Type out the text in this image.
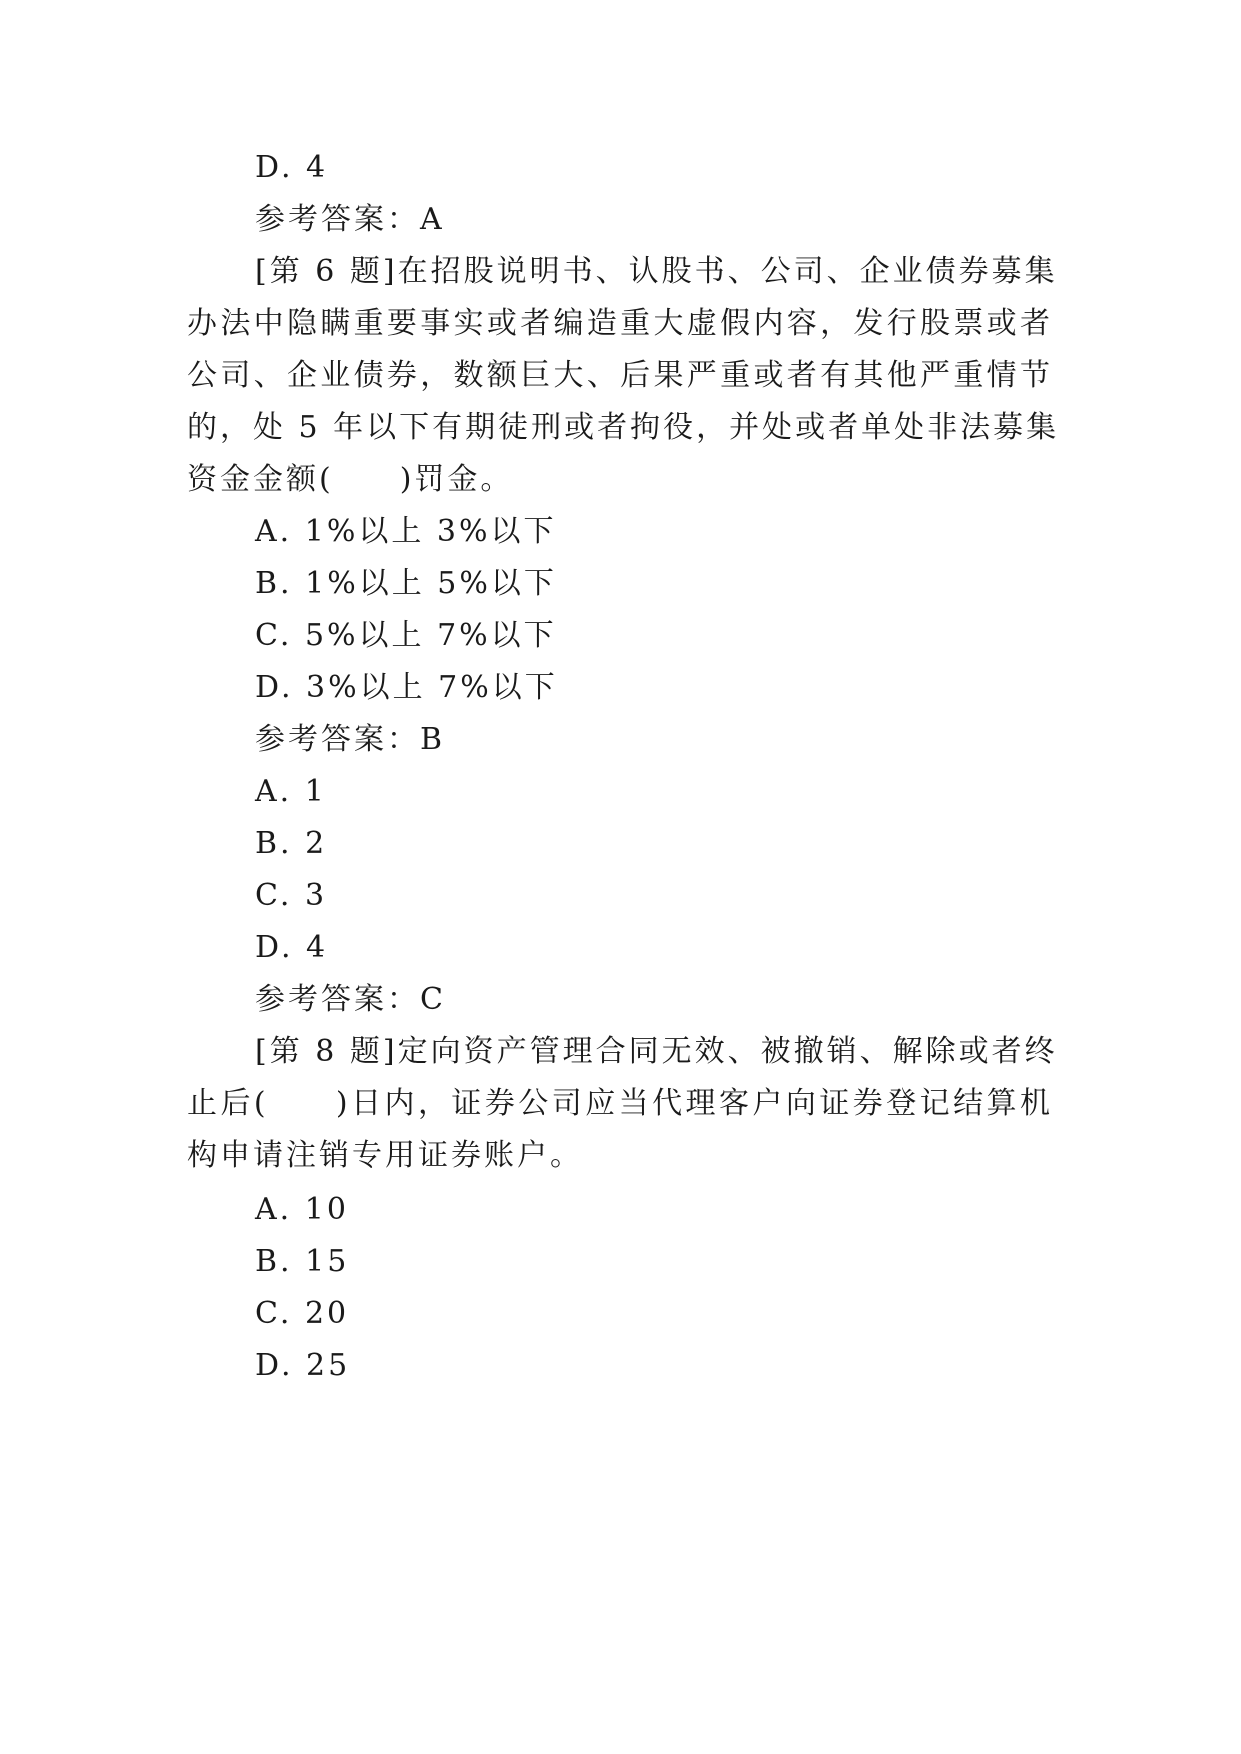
D. 4
参考答案：A
[第 6 题]在招股说明书、认股书、公司、企业债券募集
办法中隐瞒重要事实或者编造重大虚假内容，发行股票或者
公司、企业债券，数额巨大、后果严重或者有其他严重情节
的，处 5 年以下有期徒刑或者拘役，并处或者单处非法募集
资金金额(　　)罚金。
A. 1%以上 3%以下
B. 1%以上 5%以下
C. 5%以上 7%以下
D. 3%以上 7%以下
参考答案：B
A. 1
B. 2
C. 3
D. 4
参考答案：C
[第 8 题]定向资产管理合同无效、被撤销、解除或者终
止后(　　)日内，证券公司应当代理客户向证券登记结算机
构申请注销专用证券账户。
A. 10
B. 15
C. 20
D. 25
